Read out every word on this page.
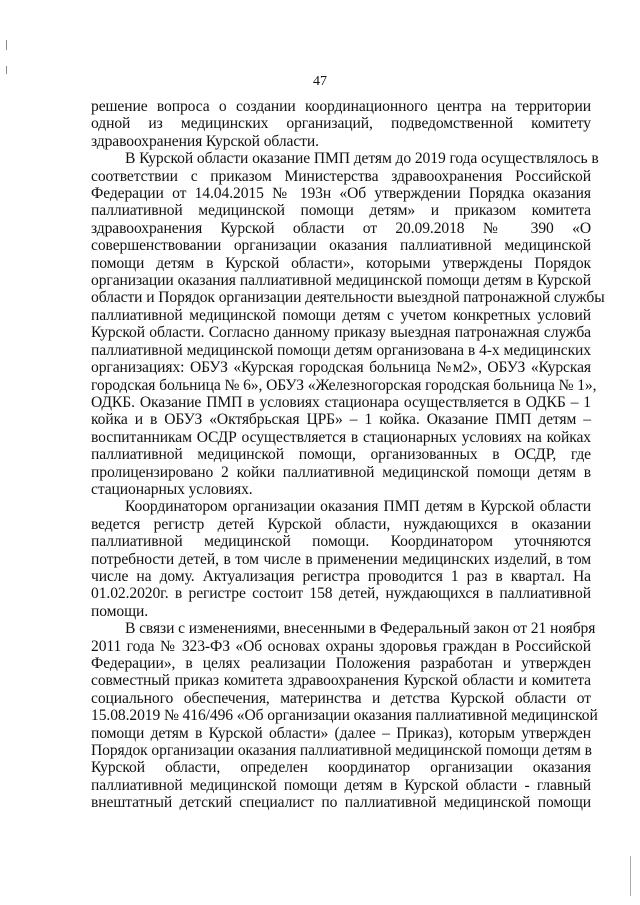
47
решение вопроса о создании координационного центра на территории
одной из медицинских организаций, подведомственной комитету
здравоохранения Курской области.
В Курской области оказание ПМП детям до 2019 года осуществлялось в
соответствии с приказом Министерства здравоохранения Российской
Федерации от 14.04.2015 № 193н «Об утверждении Порядка оказания
паллиативной медицинской помощи детям» и приказом комитета
здравоохранения Курской области от 20.09.2018 № 390 «О
совершенствовании организации оказания паллиативной медицинской
помощи детям в Курской области», которыми утверждены Порядок
организации оказания паллиативной медицинской помощи детям в Курской
области и Порядок организации деятельности выездной патронажной службы
паллиативной медицинской помощи детям с учетом конкретных условий
Курской области. Согласно данному приказу выездная патронажная служба
паллиативной медицинской помощи детям организована в 4-х медицинских
организациях: ОБУЗ «Курская городская больница №м2», ОБУЗ «Курская
городская больница № 6», ОБУЗ «Железногорская городская больница № 1»,
ОДКБ. Оказание ПМП в условиях стационара осуществляется в ОДКБ – 1
койка и в ОБУЗ «Октябрьская ЦРБ» – 1 койка. Оказание ПМП детям –
воспитанникам ОСДР осуществляется в стационарных условиях на койках
паллиативной медицинской помощи, организованных в ОСДР, где
пролицензировано 2 койки паллиативной медицинской помощи детям в
стационарных условиях.
Координатором организации оказания ПМП детям в Курской области
ведется регистр детей Курской области, нуждающихся в оказании
паллиативной медицинской помощи. Координатором уточняются
потребности детей, в том числе в применении медицинских изделий, в том
числе на дому. Актуализация регистра проводится 1 раз в квартал. На
01.02.2020г. в регистре состоит 158 детей, нуждающихся в паллиативной
помощи.
В связи с изменениями, внесенными в Федеральный закон от 21 ноября
2011 года № 323-ФЗ «Об основах охраны здоровья граждан в Российской
Федерации», в целях реализации Положения разработан и утвержден
совместный приказ комитета здравоохранения Курской области и комитета
социального обеспечения, материнства и детства Курской области от
15.08.2019 № 416/496 «Об организации оказания паллиативной медицинской
помощи детям в Курской области» (далее – Приказ), которым утвержден
Порядок организации оказания паллиативной медицинской помощи детям в
Курской области, определен координатор организации оказания
паллиативной медицинской помощи детям в Курской области - главный
внештатный детский специалист по паллиативной медицинской помощи
